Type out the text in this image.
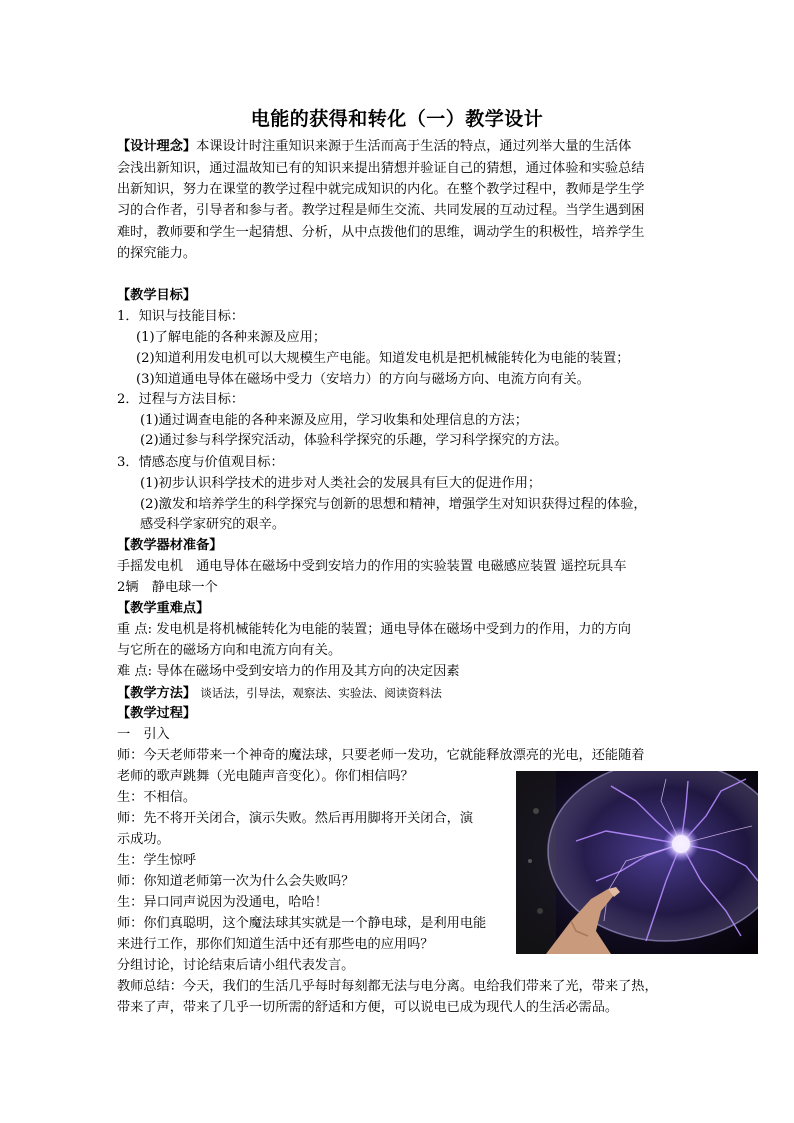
电能的获得和转化（一）教学设计
【设计理念】本课设计时注重知识来源于生活而高于生活的特点，通过列举大量的生活体
会浅出新知识，通过温故知已有的知识来提出猜想并验证自己的猜想，通过体验和实验总结
出新知识，努力在课堂的教学过程中就完成知识的内化。在整个教学过程中，教师是学生学
习的合作者，引导者和参与者。教学过程是师生交流、共同发展的互动过程。当学生遇到困
难时，教师要和学生一起猜想、分析，从中点拨他们的思维，调动学生的积极性，培养学生
的探究能力。
【教学目标】
1．知识与技能目标：
(1)了解电能的各种来源及应用；
(2)知道利用发电机可以大规模生产电能。知道发电机是把机械能转化为电能的装置；
(3)知道通电导体在磁场中受力（安培力）的方向与磁场方向、电流方向有关。
2．过程与方法目标：
(1)通过调查电能的各种来源及应用，学习收集和处理信息的方法；
(2)通过参与科学探究活动，体验科学探究的乐趣，学习科学探究的方法。
3．情感态度与价值观目标：
(1)初步认识科学技术的进步对人类社会的发展具有巨大的促进作用；
(2)激发和培养学生的科学探究与创新的思想和精神，增强学生对知识获得过程的体验，
感受科学家研究的艰辛。
【教学器材准备】
手摇发电机　通电导体在磁场中受到安培力的作用的实验装置 电磁感应装置 遥控玩具车
2辆　静电球一个
【教学重难点】
重 点: 发电机是将机械能转化为电能的装置；通电导体在磁场中受到力的作用，力的方向
与它所在的磁场方向和电流方向有关。
难 点: 导体在磁场中受到安培力的作用及其方向的决定因素
【教学方法】 谈话法，引导法，观察法、实验法、阅读资料法
【教学过程】
一　引入
师：今天老师带来一个神奇的魔法球，只要老师一发功，它就能释放漂亮的光电，还能随着
老师的歌声跳舞（光电随声音变化）。你们相信吗？
生：不相信。
师：先不将开关闭合，演示失败。然后再用脚将开关闭合，演
示成功。
生：学生惊呼
师：你知道老师第一次为什么会失败吗？
生：异口同声说因为没通电，哈哈！
师：你们真聪明，这个魔法球其实就是一个静电球，是利用电能
来进行工作，那你们知道生活中还有那些电的应用吗？
分组讨论，讨论结束后请小组代表发言。
教师总结：今天，我们的生活几乎每时每刻都无法与电分离。电给我们带来了光，带来了热，
带来了声，带来了几乎一切所需的舒适和方便，可以说电已成为现代人的生活必需品。
